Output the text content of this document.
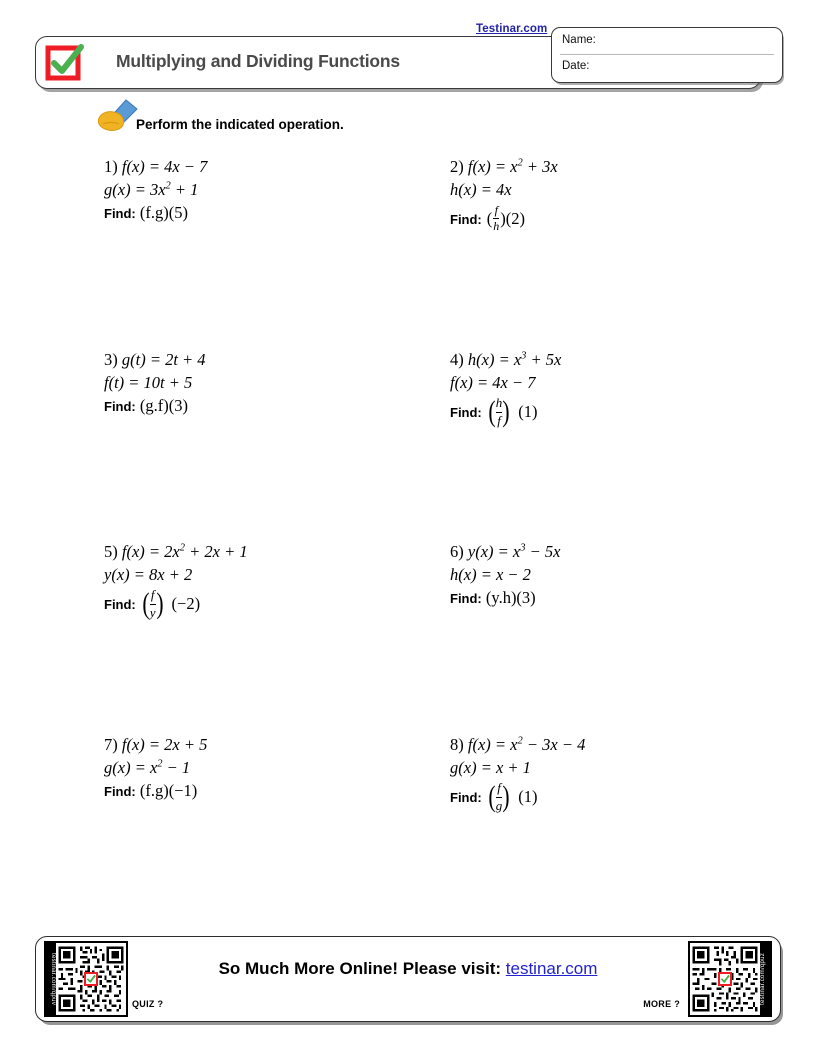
Testinar.com
Multiplying and Dividing Functions
Name:
Date:
Perform the indicated operation.
1) f(x) = 4x − 7
$g(x) = 3x^2 + 1$
Find: (f.g)(5)
2) $f(x) = x^2 + 3x$
h(x) = 4x
Find: ( $\frac{f}{h} )(2)$
3) g(t) = 2t + 4
f(t) = 10t + 5
Find: (g.f)(3)
4) $h(x) = x^3 + 5x$
f(x) = 4x − 7
Find: ( $\frac{h}{f}$ ) (1)
5) $f(x) = 2x^2 + 2x + 1$
y(x) = 8x + 2
Find: ( $\frac{f}{y}$ ) (−2)
6) $y(x) = x^3 - 5x$
h(x) = x − 2
Find: (y.h)(3)
7) f(x) = 2x + 5
$g(x) = x^2 - 1$
Find: (f.g)(−1)
8) $f(x) = x^2 - 3x - 4$
g(x) = x + 1
Find: ( $\frac{f}{g}$ ) (1)
testinar.com/qpuv	QUIZ ?
So Much More Online! Please visit: testinar.com
MORE ?	testinar.com/qpuz
